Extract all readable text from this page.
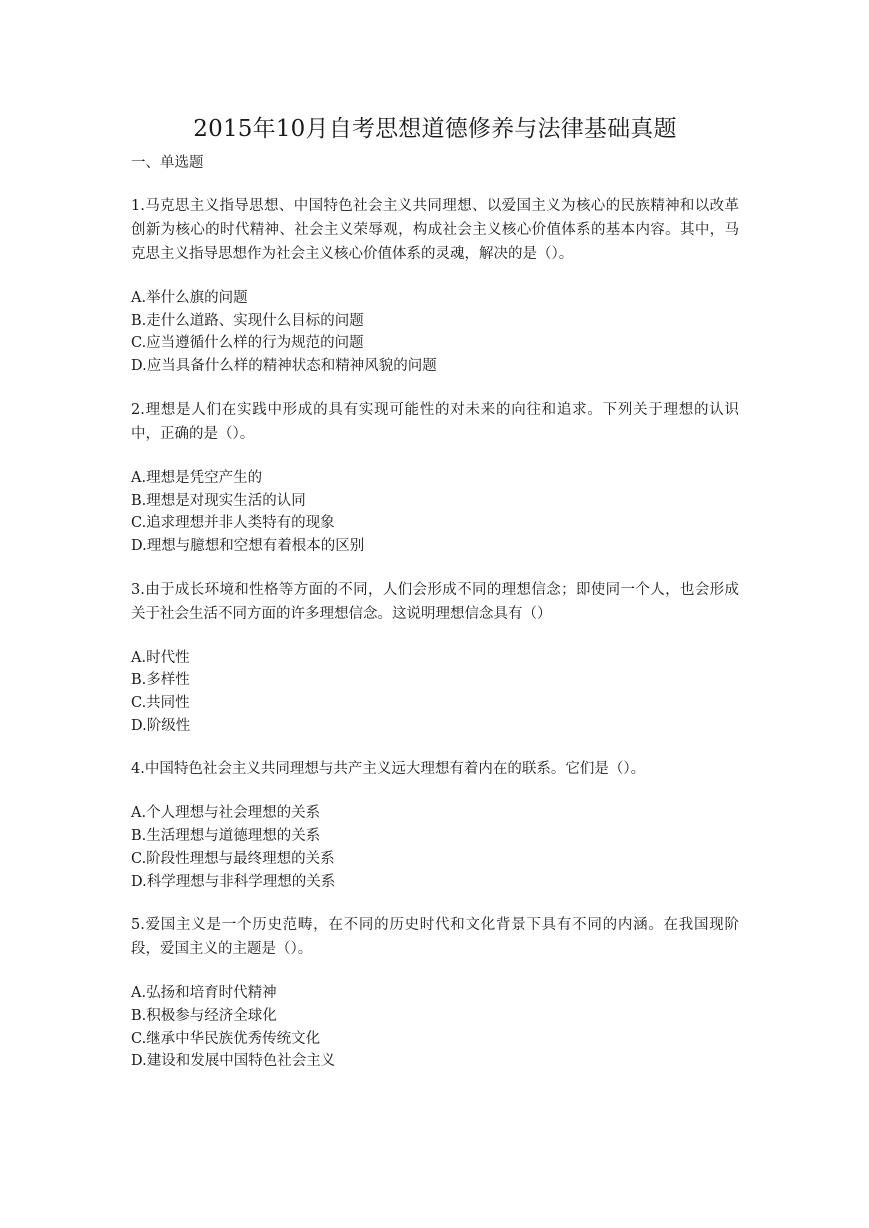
2015年10月自考思想道德修养与法律基础真题
一、单选题

1.马克思主义指导思想、中国特色社会主义共同理想、以爱国主义为核心的民族精神和以改革创新为核心的时代精神、社会主义荣辱观，构成社会主义核心价值体系的基本内容。其中，马克思主义指导思想作为社会主义核心价值体系的灵魂，解决的是（）。

A.举什么旗的问题
B.走什么道路、实现什么目标的问题
C.应当遵循什么样的行为规范的问题
D.应当具备什么样的精神状态和精神风貌的问题

2.理想是人们在实践中形成的具有实现可能性的对未来的向往和追求。下列关于理想的认识中，正确的是（）。

A.理想是凭空产生的
B.理想是对现实生活的认同
C.追求理想并非人类特有的现象
D.理想与臆想和空想有着根本的区别

3.由于成长环境和性格等方面的不同，人们会形成不同的理想信念；即使同一个人，也会形成关于社会生活不同方面的许多理想信念。这说明理想信念具有（）

A.时代性
B.多样性
C.共同性
D.阶级性

4.中国特色社会主义共同理想与共产主义远大理想有着内在的联系。它们是（）。

A.个人理想与社会理想的关系
B.生活理想与道德理想的关系
C.阶段性理想与最终理想的关系
D.科学理想与非科学理想的关系

5.爱国主义是一个历史范畴，在不同的历史时代和文化背景下具有不同的内涵。在我国现阶段，爱国主义的主题是（）。

A.弘扬和培育时代精神
B.积极参与经济全球化
C.继承中华民族优秀传统文化
D.建设和发展中国特色社会主义
